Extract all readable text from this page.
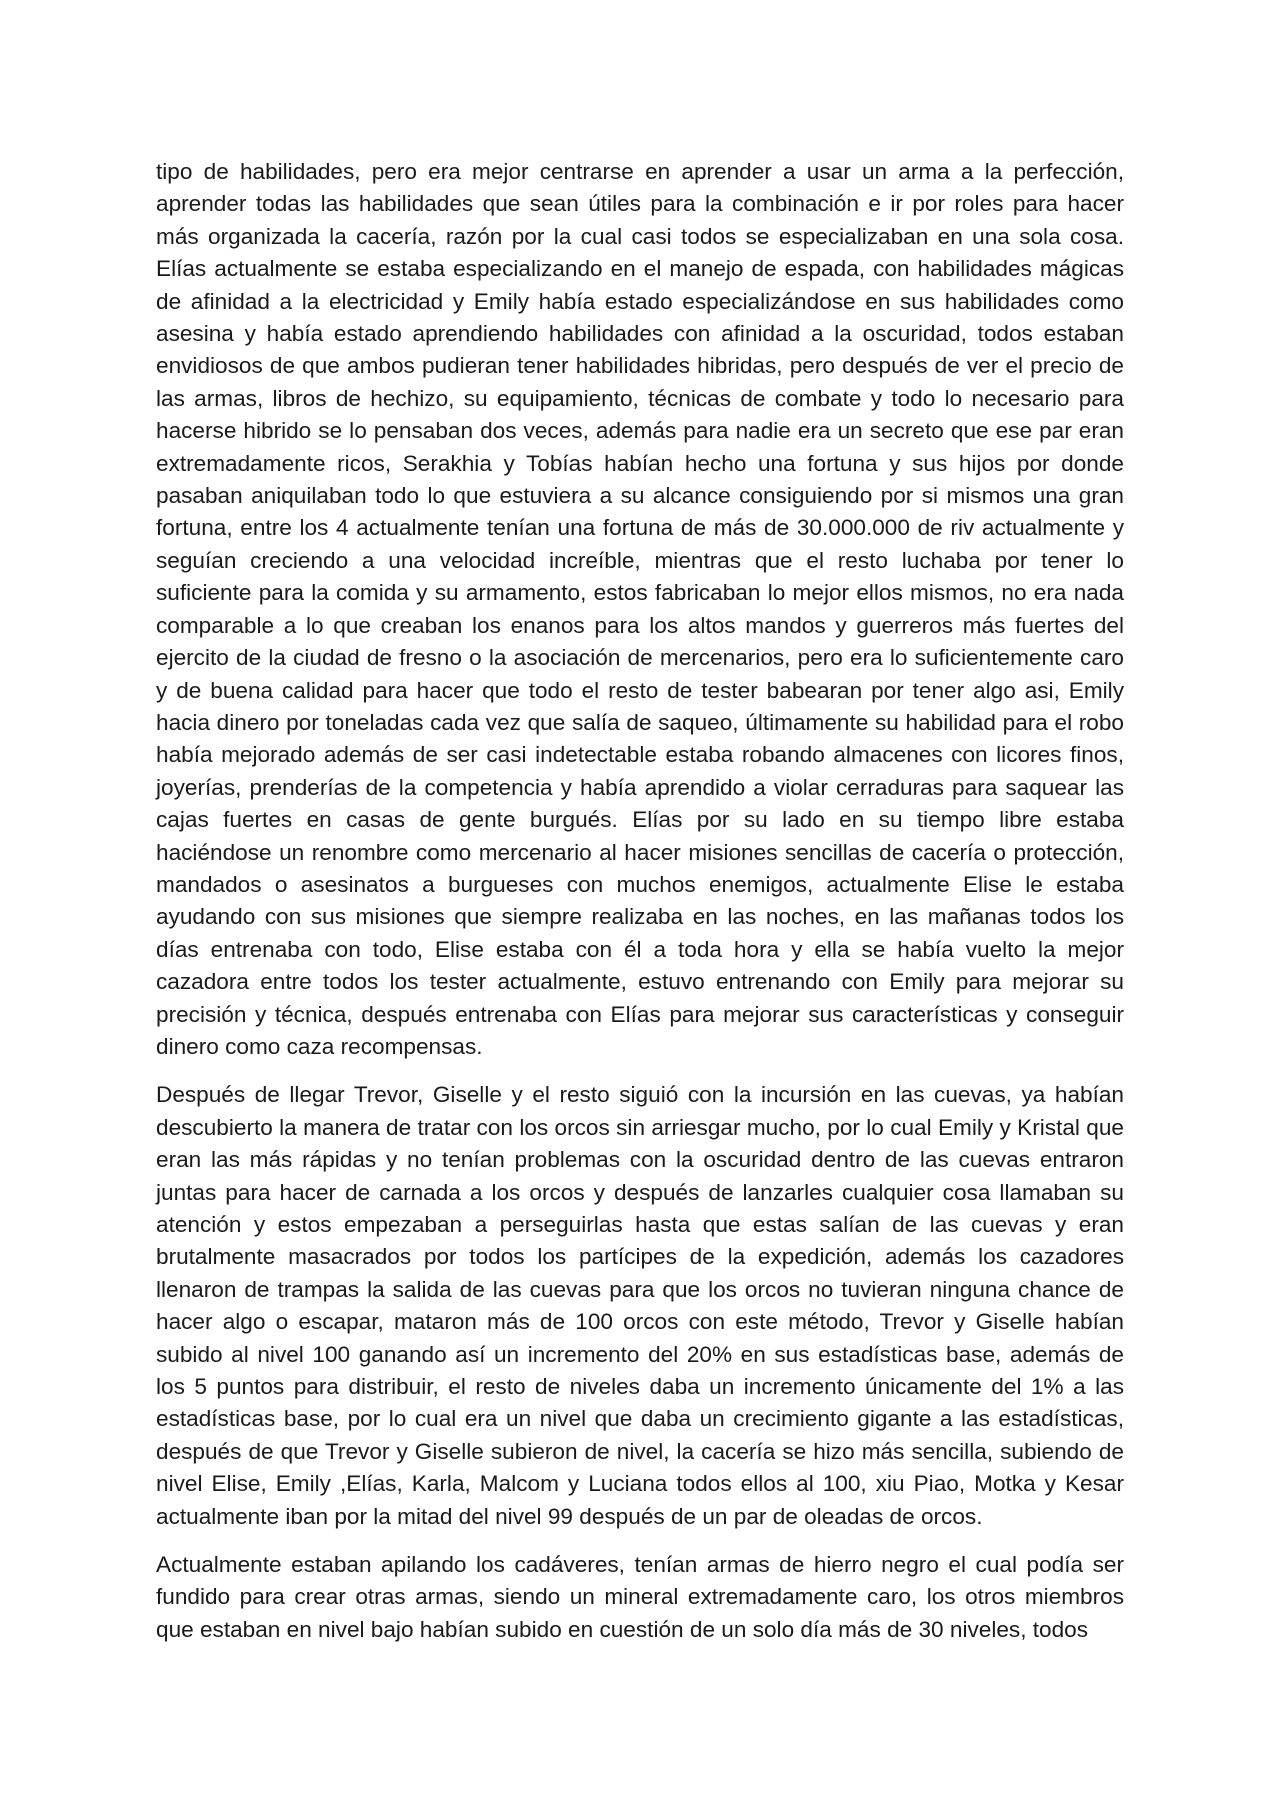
tipo de habilidades, pero era mejor centrarse en aprender a usar un arma a la perfección, aprender todas las habilidades que sean útiles para la combinación e ir por roles para hacer más organizada la cacería, razón por la cual casi todos se especializaban en una sola cosa. Elías actualmente se estaba especializando en el manejo de espada, con habilidades mágicas de afinidad a la electricidad y Emily había estado especializándose en sus habilidades como asesina y había estado aprendiendo habilidades con afinidad a la oscuridad, todos estaban envidiosos de que ambos pudieran tener habilidades hibridas, pero después de ver el precio de las armas, libros de hechizo, su equipamiento, técnicas de combate y todo lo necesario para hacerse hibrido se lo pensaban dos veces, además para nadie era un secreto que ese par eran extremadamente ricos, Serakhia y Tobías habían hecho una fortuna y sus hijos por donde pasaban aniquilaban todo lo que estuviera a su alcance consiguiendo por si mismos una gran fortuna, entre los 4 actualmente tenían una fortuna de más de 30.000.000 de riv actualmente y seguían creciendo a una velocidad increíble, mientras que el resto luchaba por tener lo suficiente para la comida y su armamento, estos fabricaban lo mejor ellos mismos, no era nada comparable a lo que creaban los enanos para los altos mandos y guerreros más fuertes del ejercito de la ciudad de fresno o la asociación de mercenarios, pero era lo suficientemente caro y de buena calidad para hacer que todo el resto de tester babearan por tener algo asi, Emily hacia dinero por toneladas cada vez que salía de saqueo, últimamente su habilidad para el robo había mejorado además de ser casi indetectable estaba robando almacenes con licores finos, joyerías, prenderías de la competencia y había aprendido a violar cerraduras para saquear las cajas fuertes en casas de gente burgués. Elías por su lado en su tiempo libre estaba haciéndose un renombre como mercenario al hacer misiones sencillas de cacería o protección, mandados o asesinatos a burgueses con muchos enemigos, actualmente Elise le estaba ayudando con sus misiones que siempre realizaba en las noches, en las mañanas todos los días entrenaba con todo, Elise estaba con él a toda hora y ella se había vuelto la mejor cazadora entre todos los tester actualmente, estuvo entrenando con Emily para mejorar su precisión y técnica, después entrenaba con Elías para mejorar sus características y conseguir dinero como caza recompensas.

Después de llegar Trevor, Giselle y el resto siguió con la incursión en las cuevas, ya habían descubierto la manera de tratar con los orcos sin arriesgar mucho, por lo cual Emily y Kristal que eran las más rápidas y no tenían problemas con la oscuridad dentro de las cuevas entraron juntas para hacer de carnada a los orcos y después de lanzarles cualquier cosa llamaban su atención y estos empezaban a perseguirlas hasta que estas salían de las cuevas y eran brutalmente masacrados por todos los partícipes de la expedición, además los cazadores llenaron de trampas la salida de las cuevas para que los orcos no tuvieran ninguna chance de hacer algo o escapar, mataron más de 100 orcos con este método, Trevor y Giselle habían subido al nivel 100 ganando así un incremento del 20% en sus estadísticas base, además de los 5 puntos para distribuir, el resto de niveles daba un incremento únicamente del 1% a las estadísticas base, por lo cual era un nivel que daba un crecimiento gigante a las estadísticas, después de que Trevor y Giselle subieron de nivel, la cacería se hizo más sencilla, subiendo de nivel Elise, Emily ,Elías, Karla, Malcom y Luciana todos ellos al 100, xiu Piao, Motka y Kesar actualmente iban por la mitad del nivel 99 después de un par de oleadas de orcos.

Actualmente estaban apilando los cadáveres, tenían armas de hierro negro el cual podía ser fundido para crear otras armas, siendo un mineral extremadamente caro, los otros miembros que estaban en nivel bajo habían subido en cuestión de un solo día más de 30 niveles, todos
